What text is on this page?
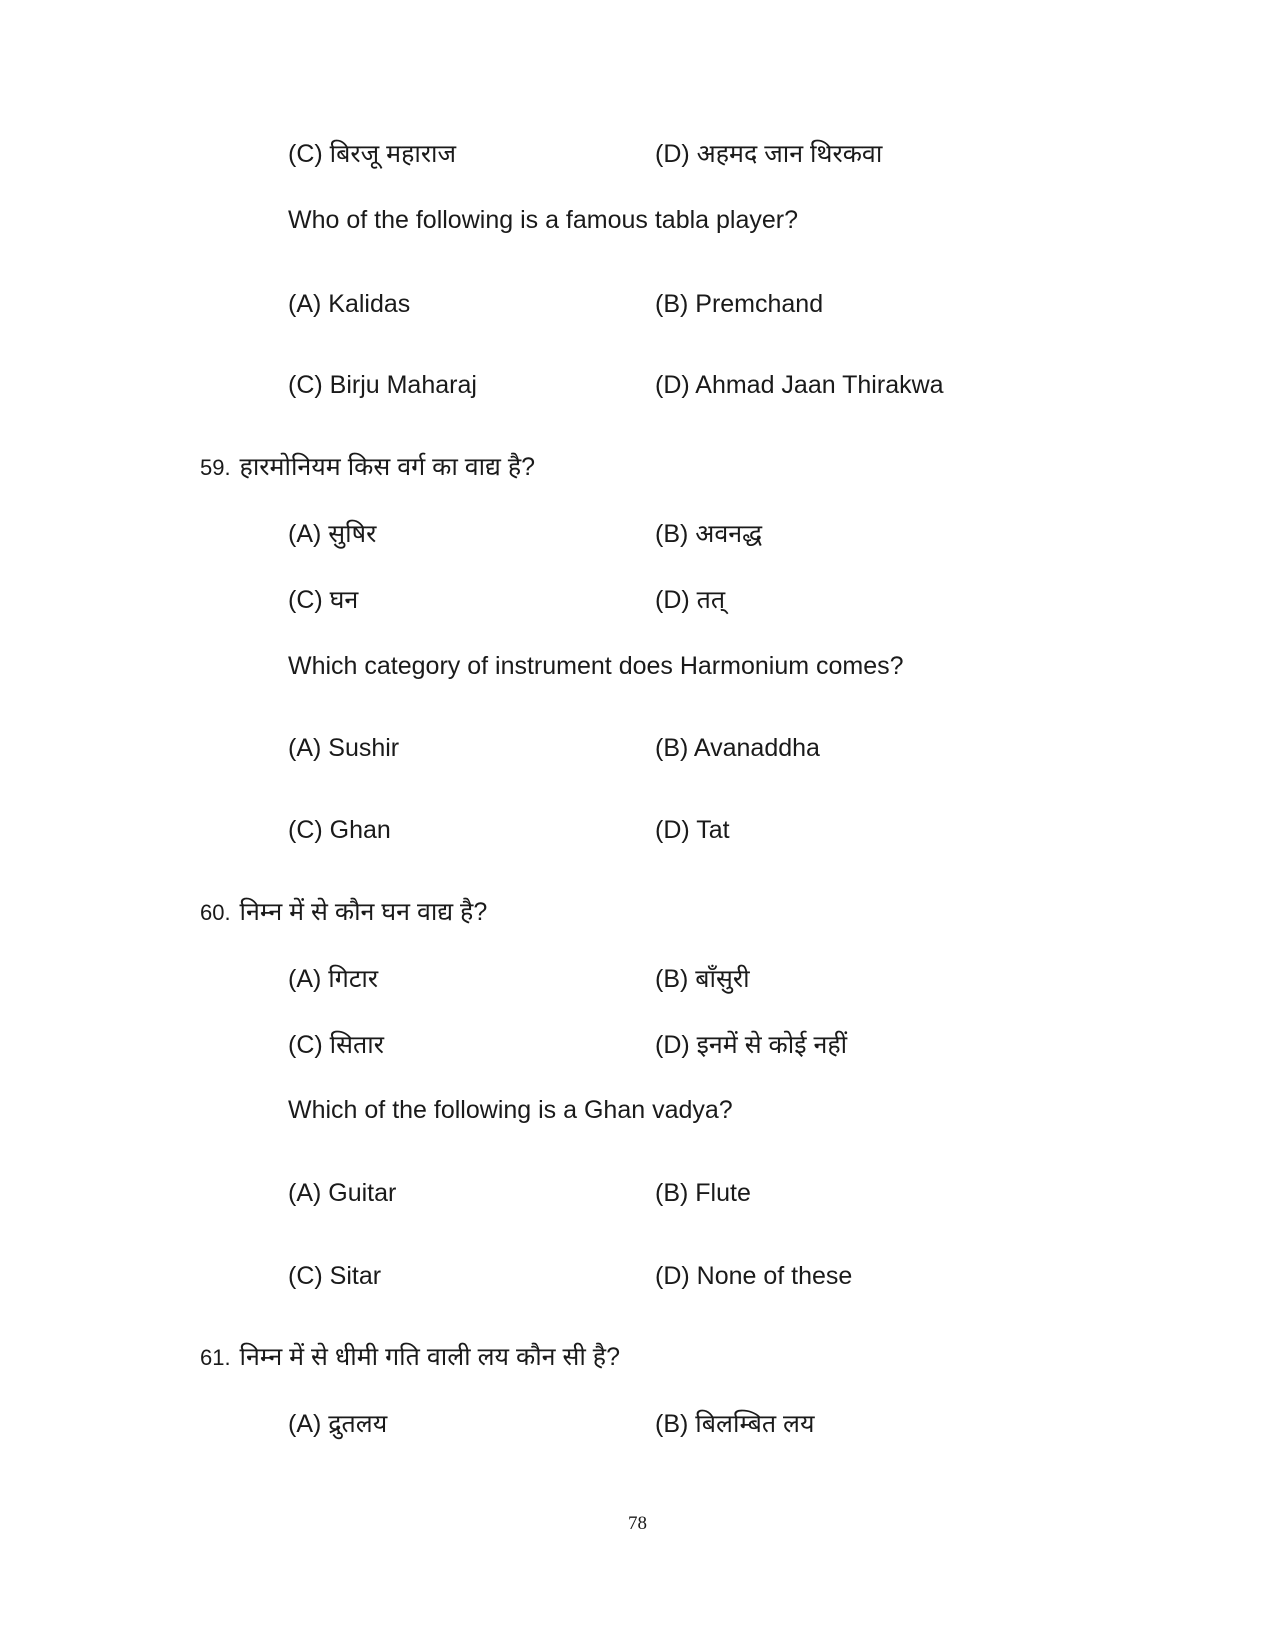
(C) बिरजू महाराज	(D) अहमद जान थिरकवा
Who of the following is a famous tabla player?
(A) Kalidas	(B) Premchand
(C) Birju Maharaj	(D) Ahmad Jaan Thirakwa
59. हारमोनियम किस वर्ग का वाद्य है?
(A) सुषिर	(B) अवनद्ध
(C) घन	(D) तत्
Which category of instrument does Harmonium comes?
(A) Sushir	(B) Avanaddha
(C) Ghan	(D) Tat
60. निम्न में से कौन घन वाद्य है?
(A) गिटार	(B) बाँसुरी
(C) सितार	(D) इनमें से कोई नहीं
Which of the following is a Ghan vadya?
(A) Guitar	(B) Flute
(C) Sitar	(D) None of these
61. निम्न में से धीमी गति वाली लय कौन सी है?
(A) द्रुतलय	(B) बिलम्बित लय
78
